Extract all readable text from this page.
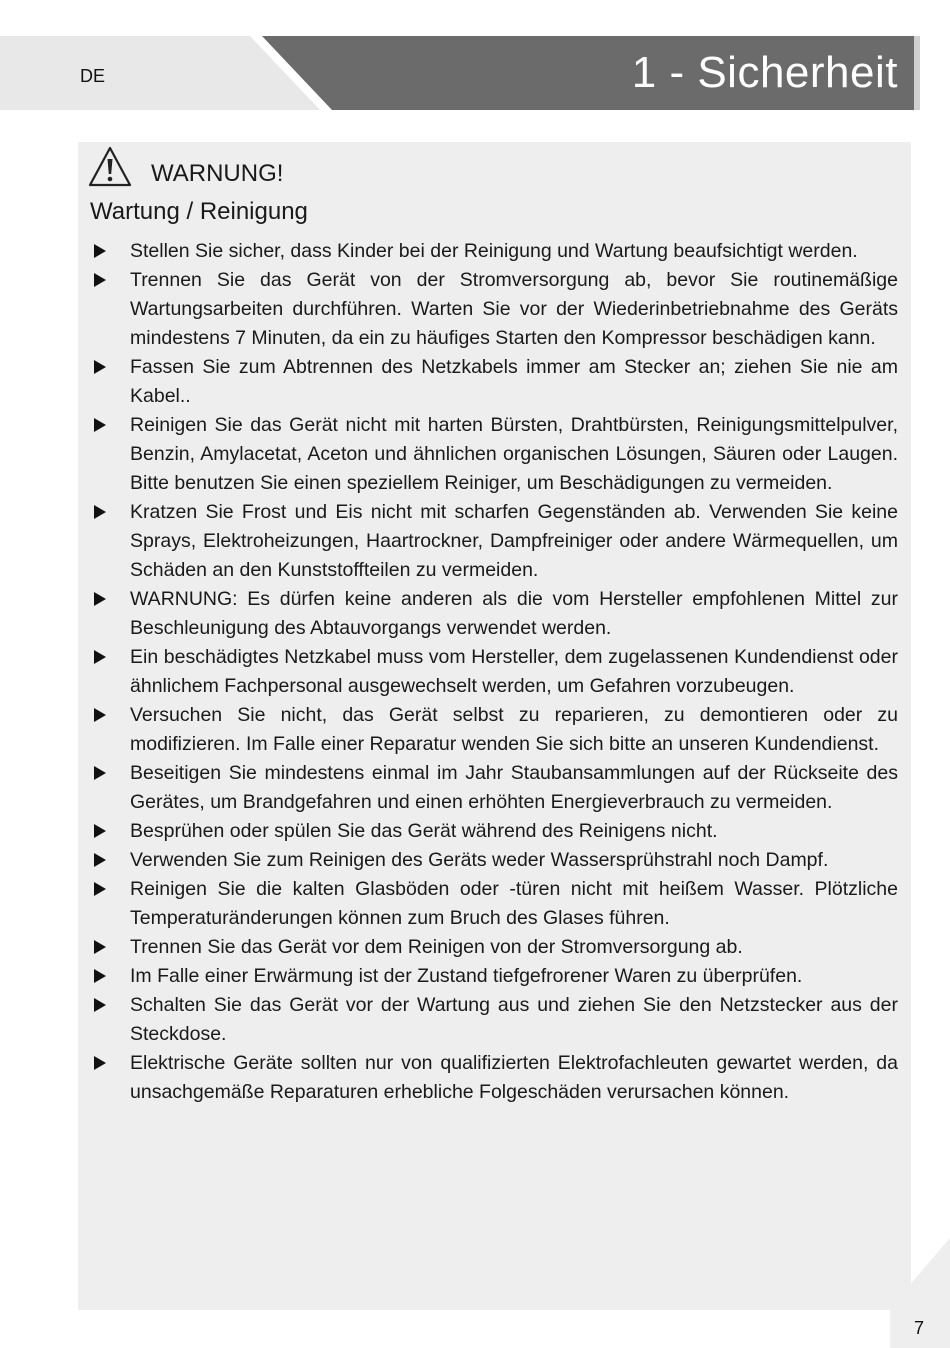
DE	1 - Sicherheit
WARNUNG!
Wartung / Reinigung
Stellen Sie sicher, dass Kinder bei der Reinigung und Wartung beaufsichtigt werden.
Trennen Sie das Gerät von der Stromversorgung ab, bevor Sie routinemäßige Wartungsarbeiten durchführen. Warten Sie vor der Wiederinbetriebnahme des Geräts mindestens 7 Minuten, da ein zu häufiges Starten den Kompressor beschädigen kann.
Fassen Sie zum Abtrennen des Netzkabels immer am Stecker an; ziehen Sie nie am Kabel..
Reinigen Sie das Gerät nicht mit harten Bürsten, Drahtbürsten, Reinigungsmittelpulver, Benzin, Amylacetat, Aceton und ähnlichen organischen Lösungen, Säuren oder Laugen. Bitte benutzen Sie einen speziellem Reiniger, um Beschädigungen zu vermeiden.
Kratzen Sie Frost und Eis nicht mit scharfen Gegenständen ab. Verwenden Sie keine Sprays, Elektroheizungen, Haartrockner, Dampfreiniger oder andere Wärmequellen, um Schäden an den Kunststoffteilen zu vermeiden.
WARNUNG: Es dürfen keine anderen als die vom Hersteller empfohlenen Mittel zur Beschleunigung des Abtauvorgangs verwendet werden.
Ein beschädigtes Netzkabel muss vom Hersteller, dem zugelassenen Kundendienst oder ähnlichem Fachpersonal ausgewechselt werden, um Gefahren vorzubeugen.
Versuchen Sie nicht, das Gerät selbst zu reparieren, zu demontieren oder zu modifizieren. Im Falle einer Reparatur wenden Sie sich bitte an unseren Kundendienst.
Beseitigen Sie mindestens einmal im Jahr Staubansammlungen auf der Rückseite des Gerätes, um Brandgefahren und einen erhöhten Energieverbrauch zu vermeiden.
Besprühen oder spülen Sie das Gerät während des Reinigens nicht.
Verwenden Sie zum Reinigen des Geräts weder Wassersprühstrahl noch Dampf.
Reinigen Sie die kalten Glasböden oder -türen nicht mit heißem Wasser. Plötzliche Temperaturänderungen können zum Bruch des Glases führen.
Trennen Sie das Gerät vor dem Reinigen von der Stromversorgung ab.
Im Falle einer Erwärmung ist der Zustand tiefgefrorener Waren zu überprüfen.
Schalten Sie das Gerät vor der Wartung aus und ziehen Sie den Netzstecker aus der Steckdose.
Elektrische Geräte sollten nur von qualifizierten Elektrofachleuten gewartet werden, da unsachgemäße Reparaturen erhebliche Folgeschäden verursachen können.
7
